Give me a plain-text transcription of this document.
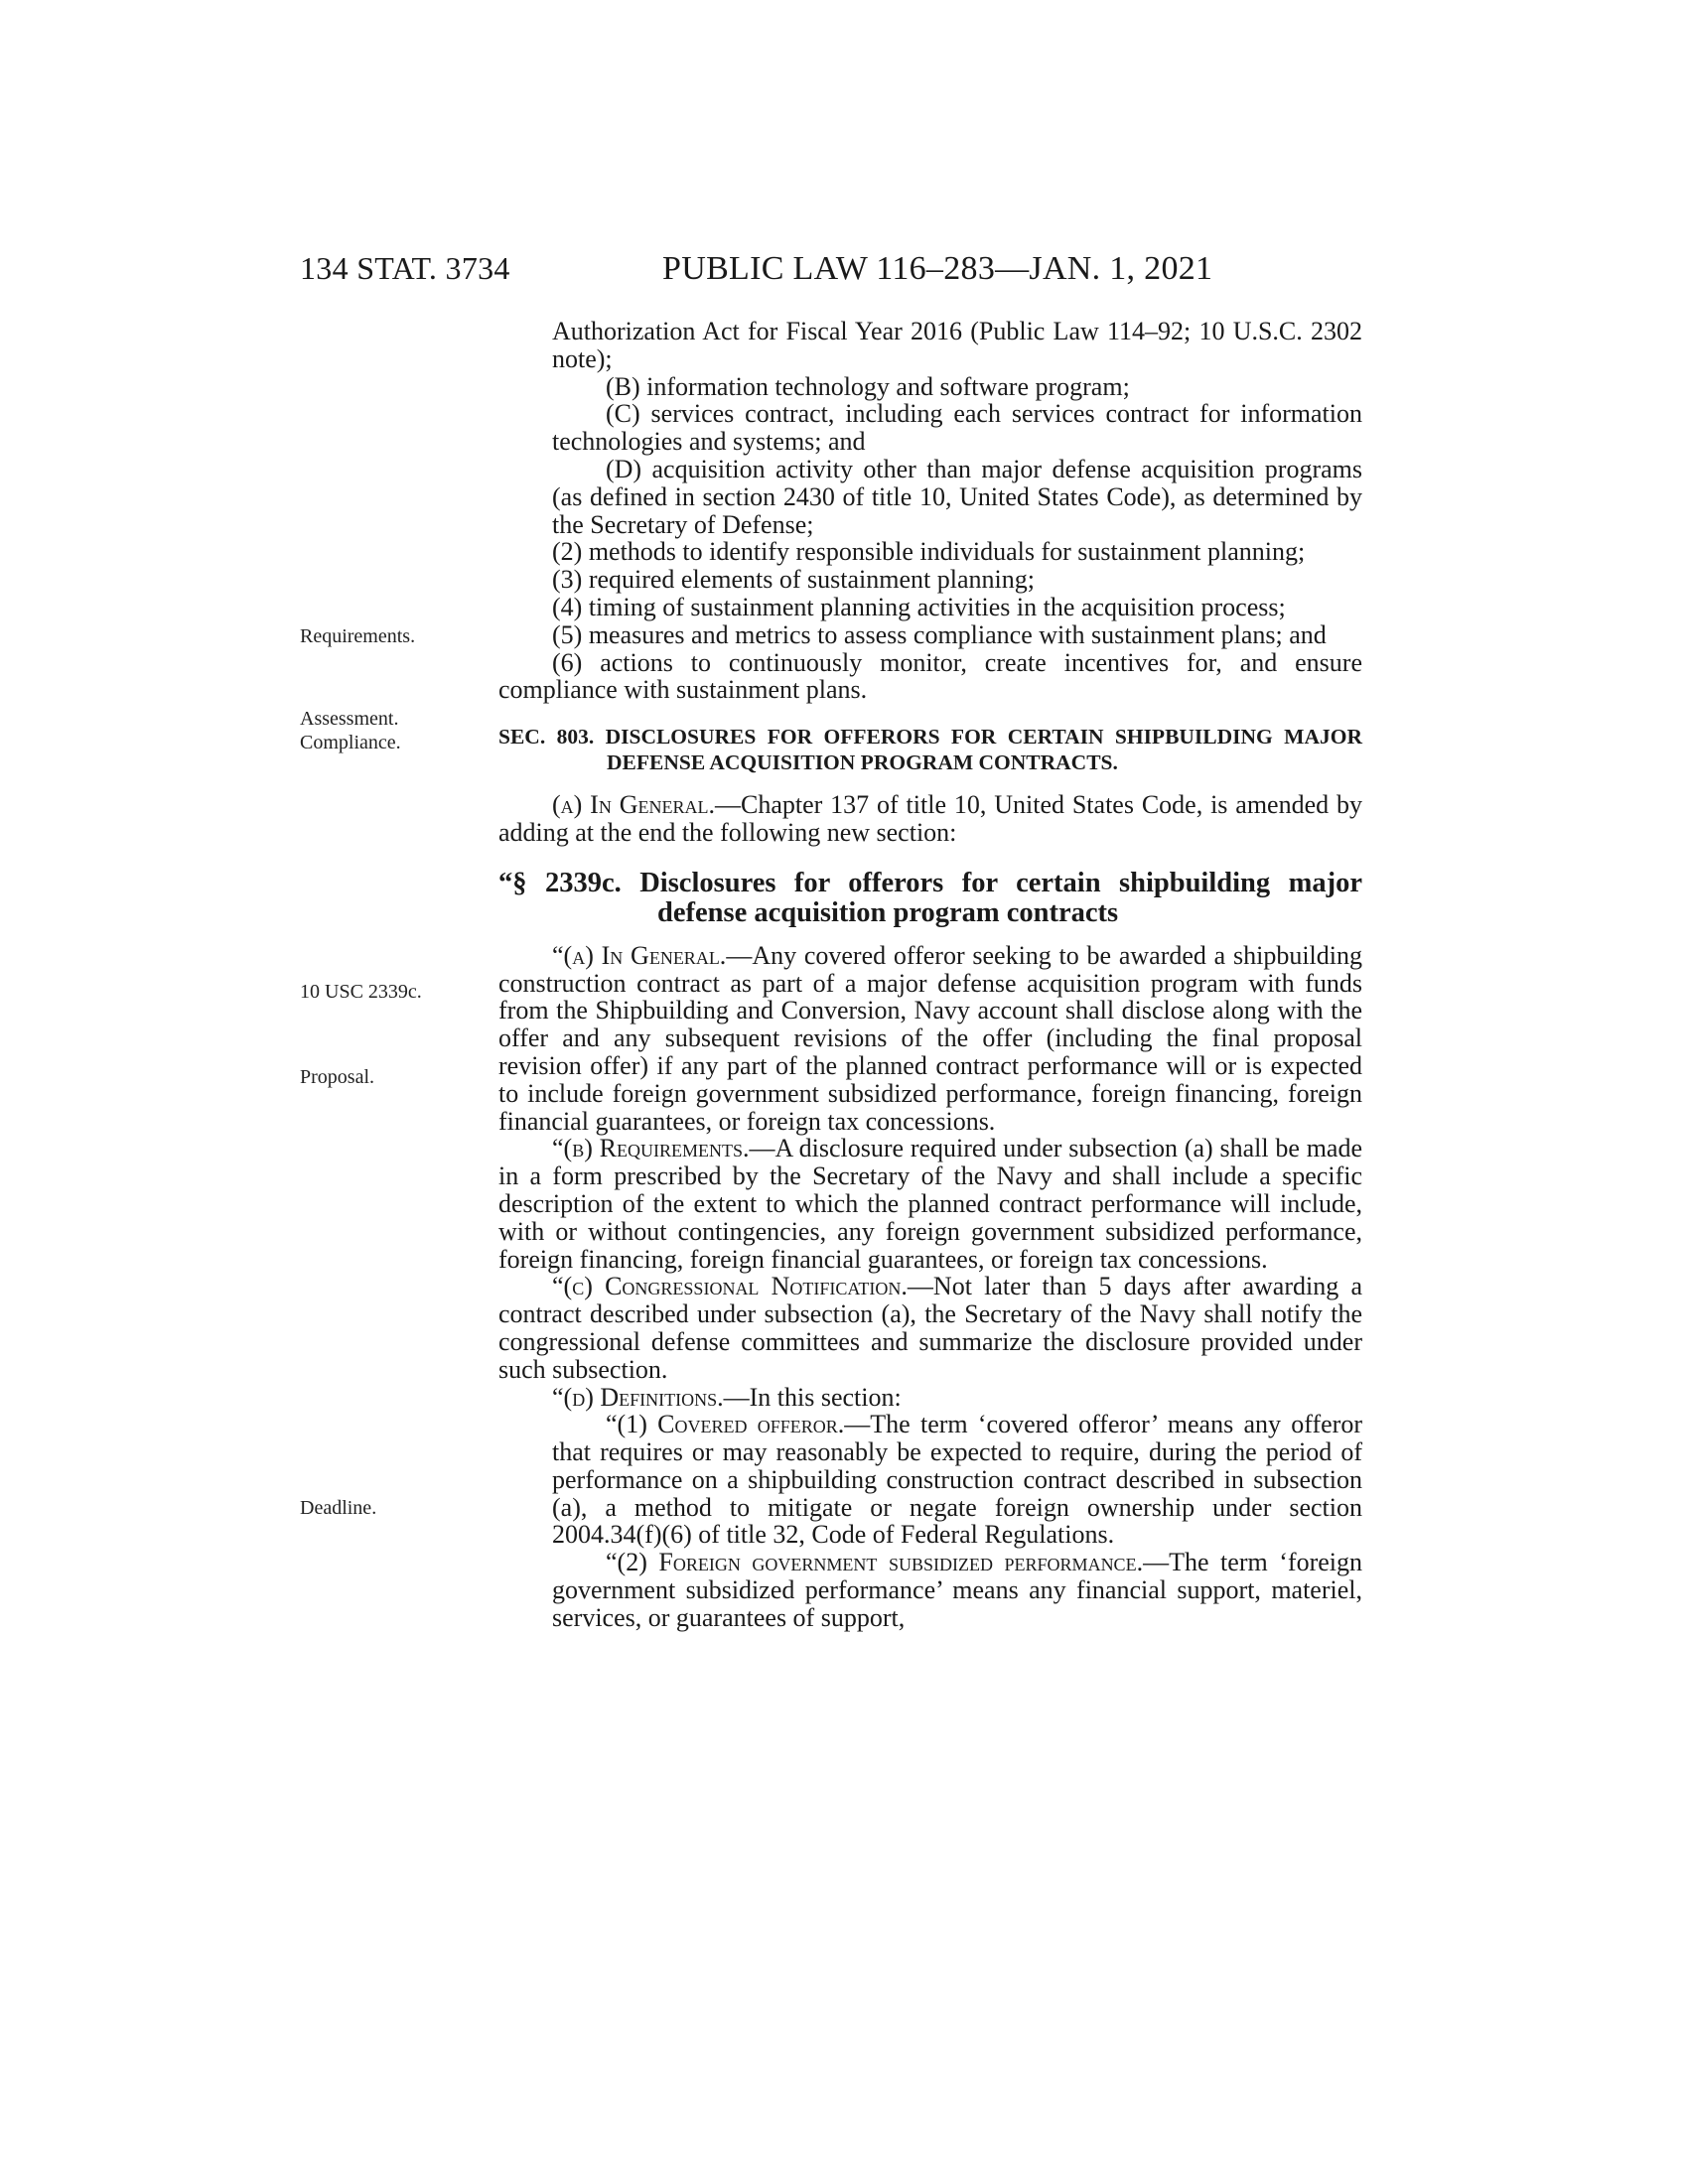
134 STAT. 3734	PUBLIC LAW 116–283—JAN. 1, 2021
Requirements.
Assessment.
Compliance.
10 USC 2339c.
Proposal.
Deadline.

Authorization Act for Fiscal Year 2016 (Public Law 114–92; 10 U.S.C. 2302 note);

(B) information technology and software program;

(C) services contract, including each services contract for information technologies and systems; and

(D) acquisition activity other than major defense acquisition programs (as defined in section 2430 of title 10, United States Code), as determined by the Secretary of Defense;

(2) methods to identify responsible individuals for sustainment planning;

(3) required elements of sustainment planning;

(4) timing of sustainment planning activities in the acquisition process;

(5) measures and metrics to assess compliance with sustainment plans; and

(6) actions to continuously monitor, create incentives for, and ensure compliance with sustainment plans.

SEC. 803. DISCLOSURES FOR OFFERORS FOR CERTAIN SHIPBUILDING MAJOR DEFENSE ACQUISITION PROGRAM CONTRACTS.

(a) In General.—Chapter 137 of title 10, United States Code, is amended by adding at the end the following new section:

“§ 2339c. Disclosures for offerors for certain shipbuilding major defense acquisition program contracts

“(a) In General.—Any covered offeror seeking to be awarded a shipbuilding construction contract as part of a major defense acquisition program with funds from the Shipbuilding and Conversion, Navy account shall disclose along with the offer and any subsequent revisions of the offer (including the final proposal revision offer) if any part of the planned contract performance will or is expected to include foreign government subsidized performance, foreign financing, foreign financial guarantees, or foreign tax concessions.

“(b) Requirements.—A disclosure required under subsection (a) shall be made in a form prescribed by the Secretary of the Navy and shall include a specific description of the extent to which the planned contract performance will include, with or without contingencies, any foreign government subsidized performance, foreign financing, foreign financial guarantees, or foreign tax concessions.

“(c) Congressional Notification.—Not later than 5 days after awarding a contract described under subsection (a), the Secretary of the Navy shall notify the congressional defense committees and summarize the disclosure provided under such subsection.

“(d) Definitions.—In this section:

“(1) Covered offeror.—The term ‘covered offeror’ means any offeror that requires or may reasonably be expected to require, during the period of performance on a shipbuilding construction contract described in subsection (a), a method to mitigate or negate foreign ownership under section 2004.34(f)(6) of title 32, Code of Federal Regulations.

“(2) Foreign government subsidized performance.—The term ‘foreign government subsidized performance’ means any financial support, materiel, services, or guarantees of support,
